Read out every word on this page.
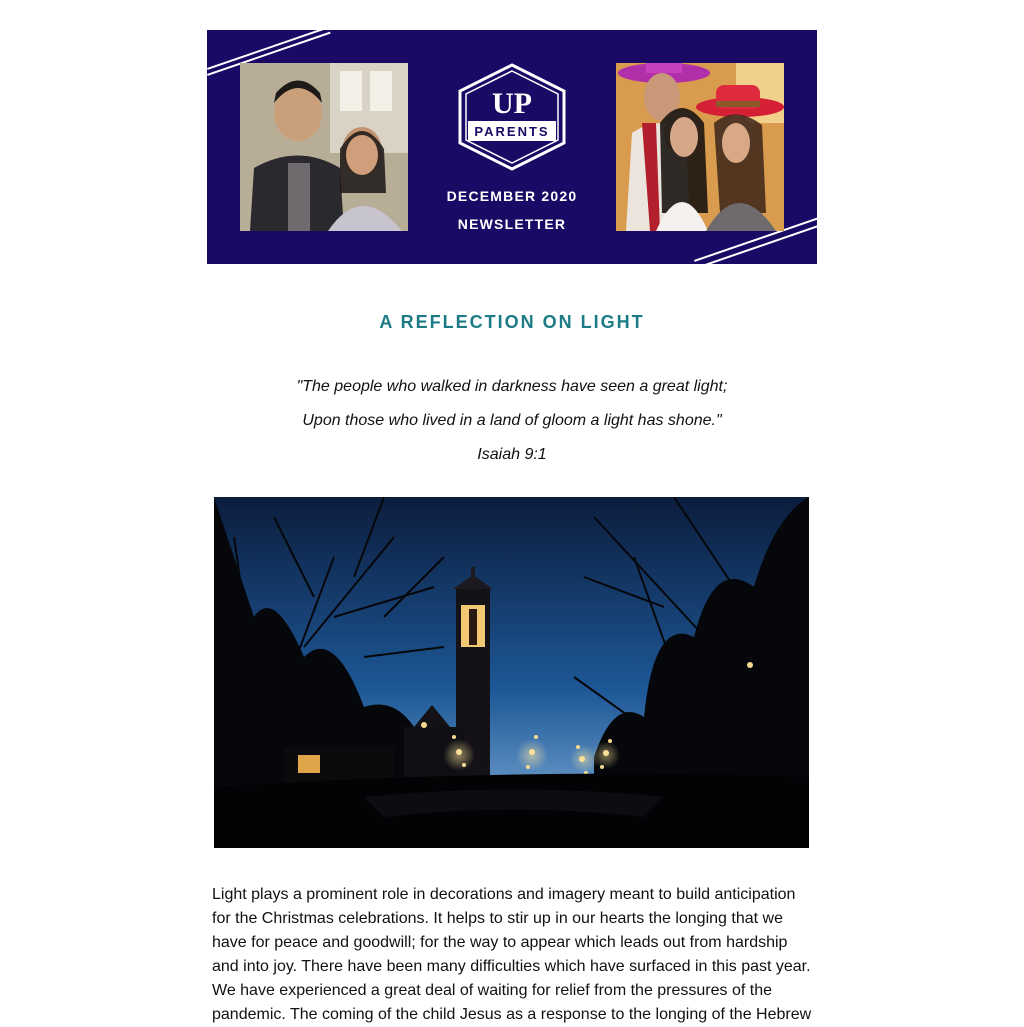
UP
PARENTS
DECEMBER 2020
NEWSLETTER
A REFLECTION ON LIGHT
"The people who walked in darkness have seen a great light;
Upon those who lived in a land of gloom a light has shone."
Isaiah 9:1
Light plays a prominent role in decorations and imagery meant to build anticipation
for the Christmas celebrations. It helps to stir up in our hearts the longing that we
have for peace and goodwill; for the way to appear which leads out from hardship
and into joy. There have been many difficulties which have surfaced in this past year.
We have experienced a great deal of waiting for relief from the pressures of the
pandemic. The coming of the child Jesus as a response to the longing of the Hebrew
